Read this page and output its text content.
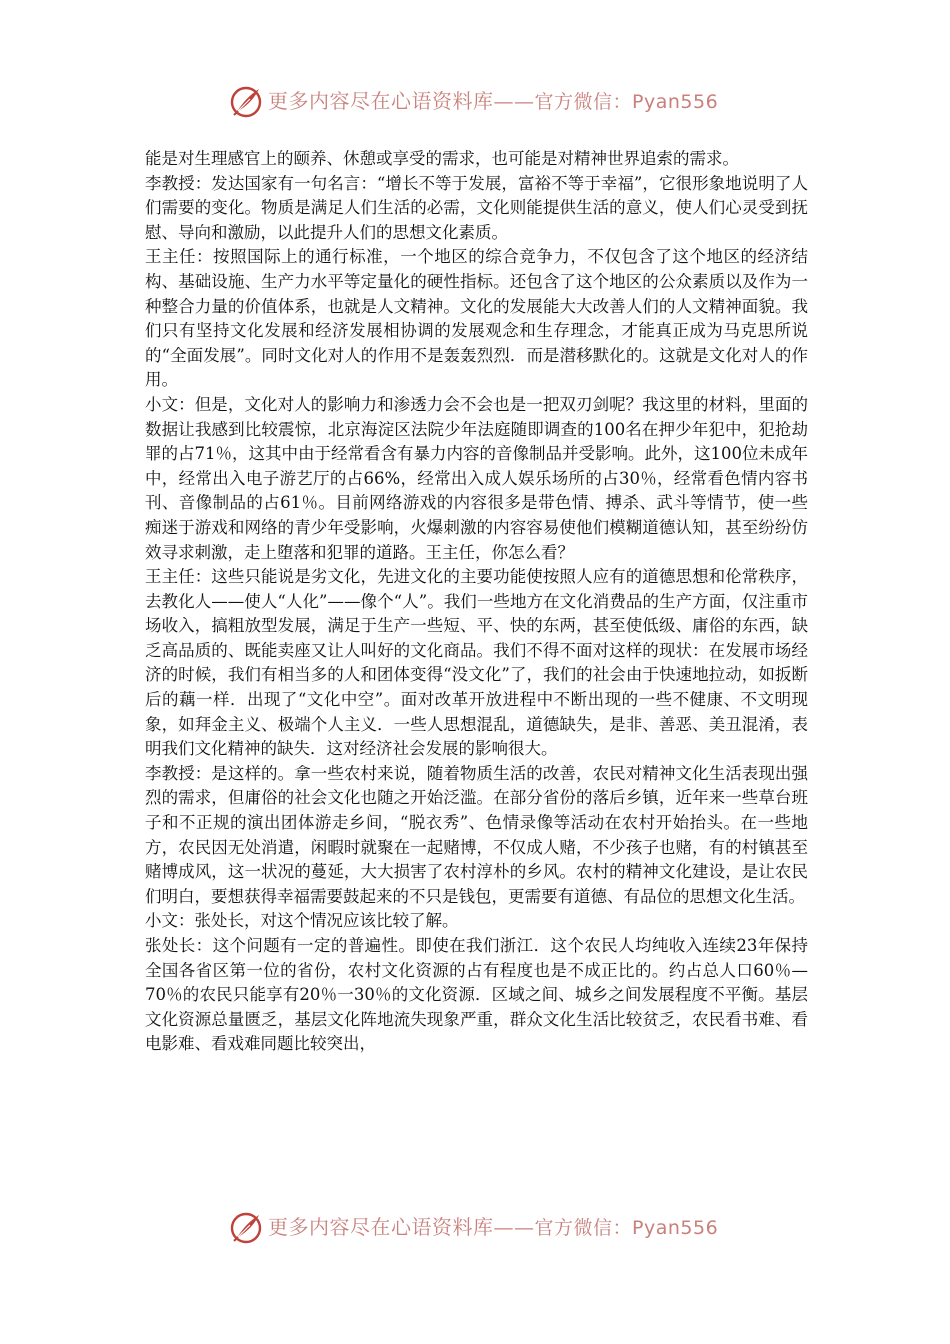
更多内容尽在心语资料库——官方微信：Pyan556

能是对生理感官上的颐养、休憩或享受的需求，也可能是对精神世界追索的需求。

李教授：发达国家有一句名言：“增长不等于发展，富裕不等于幸福”，它很形象地说明了人们需要的变化。物质是满足人们生活的必需，文化则能提供生活的意义，使人们心灵受到抚慰、导向和激励，以此提升人们的思想文化素质。

王主任：按照国际上的通行标准，一个地区的综合竞争力，不仅包含了这个地区的经济结构、基础设施、生产力水平等定量化的硬性指标。还包含了这个地区的公众素质以及作为一种整合力量的价值体系，也就是人文精神。文化的发展能大大改善人们的人文精神面貌。我们只有坚持文化发展和经济发展相协调的发展观念和生存理念，才能真正成为马克思所说的“全面发展”。同时文化对人的作用不是轰轰烈烈．而是潜移默化的。这就是文化对人的作用。

小文：但是，文化对人的影响力和渗透力会不会也是一把双刃剑呢？我这里的材料，里面的数据让我感到比较震惊，北京海淀区法院少年法庭随即调查的100名在押少年犯中，犯抢劫罪的占71％，这其中由于经常看含有暴力内容的音像制品并受影响。此外，这100位未成年中，经常出入电子游艺厅的占66%，经常出入成人娱乐场所的占30％，经常看色情内容书刊、音像制品的占61％。目前网络游戏的内容很多是带色情、搏杀、武斗等情节，使一些痴迷于游戏和网络的青少年受影响，火爆刺激的内容容易使他们模糊道德认知，甚至纷纷仿效寻求刺激，走上堕落和犯罪的道路。王主任，你怎么看？

王主任：这些只能说是劣文化，先进文化的主要功能使按照人应有的道德思想和伦常秩序，去教化人——使人“人化”——像个“人”。我们一些地方在文化消费品的生产方面，仅注重市场收入，搞粗放型发展，满足于生产一些短、平、快的东两，甚至使低级、庸俗的东西，缺乏高品质的、既能卖座又让人叫好的文化商品。我们不得不面对这样的现状：在发展市场经济的时候，我们有相当多的人和团体变得“没文化”了，我们的社会由于快速地拉动，如扳断后的藕一样．出现了“文化中空”。面对改革开放进程中不断出现的一些不健康、不文明现象，如拜金主义、极端个人主义．一些人思想混乱，道德缺失，是非、善恶、美丑混淆，表明我们文化精神的缺失．这对经济社会发展的影响很大。

李教授：是这样的。拿一些农村来说，随着物质生活的改善，农民对精神文化生活表现出强烈的需求，但庸俗的社会文化也随之开始泛滥。在部分省份的落后乡镇，近年来一些草台班子和不正规的演出团体游走乡间，“脱衣秀”、色情录像等活动在农村开始抬头。在一些地方，农民因无处消遣，闲暇时就聚在一起赌博，不仅成人赌，不少孩子也赌，有的村镇甚至赌博成风，这一状况的蔓延，大大损害了农村淳朴的乡风。农村的精神文化建设，是让农民们明白，要想获得幸福需要鼓起来的不只是钱包，更需要有道德、有品位的思想文化生活。

小文：张处长，对这个情况应该比较了解。

张处长：这个问题有一定的普遍性。即使在我们浙江．这个农民人均纯收入连续23年保持全国各省区第一位的省份，农村文化资源的占有程度也是不成正比的。约占总人口60％—70％的农民只能享有20％一30％的文化资源．区域之间、城乡之间发展程度不平衡。基层文化资源总量匮乏，基层文化阵地流失现象严重，群众文化生活比较贫乏，农民看书难、看电影难、看戏难同题比较突出，

更多内容尽在心语资料库——官方微信：Pyan556
